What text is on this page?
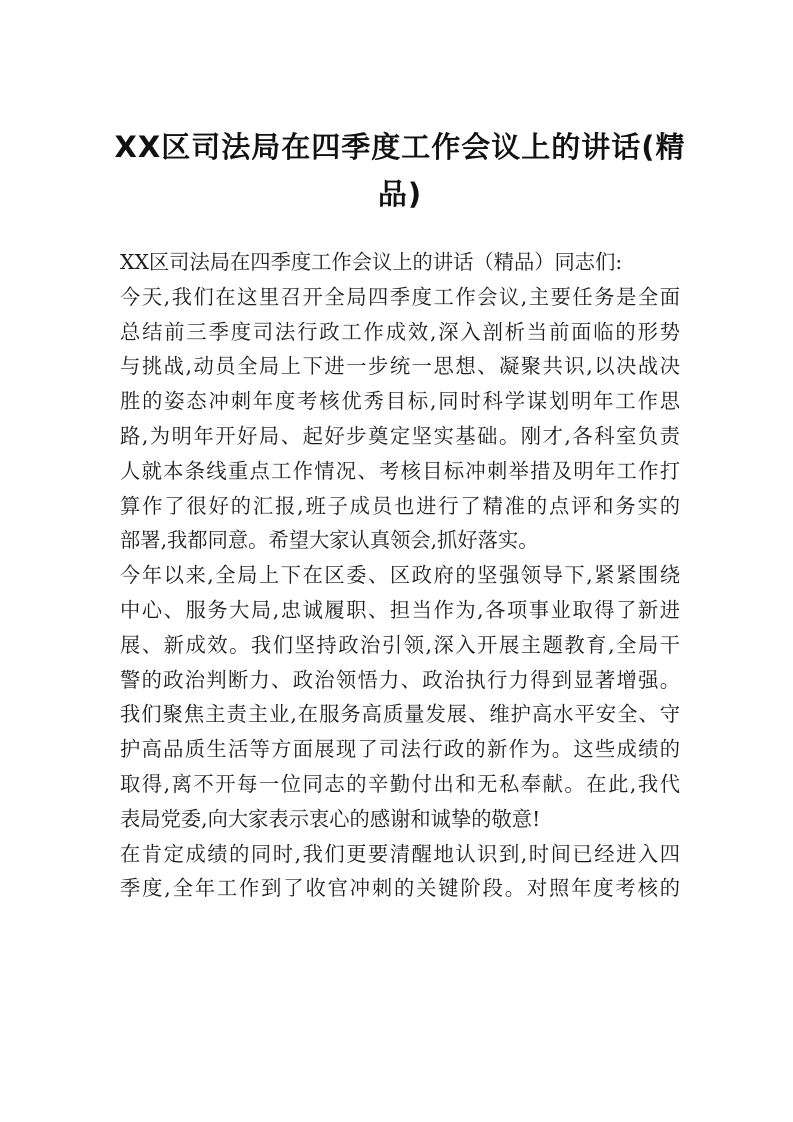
XX区司法局在四季度工作会议上的讲话(精
品)
XX区司法局在四季度工作会议上的讲话（精品）同志们:
今天,我们在这里召开全局四季度工作会议,主要任务是全面
总结前三季度司法行政工作成效,深入剖析当前面临的形势
与挑战,动员全局上下进一步统一思想、凝聚共识,以决战决
胜的姿态冲刺年度考核优秀目标,同时科学谋划明年工作思
路,为明年开好局、起好步奠定坚实基础。刚才,各科室负责
人就本条线重点工作情况、考核目标冲刺举措及明年工作打
算作了很好的汇报,班子成员也进行了精准的点评和务实的
部署,我都同意。希望大家认真领会,抓好落实。
今年以来,全局上下在区委、区政府的坚强领导下,紧紧围绕
中心、服务大局,忠诚履职、担当作为,各项事业取得了新进
展、新成效。我们坚持政治引领,深入开展主题教育,全局干
警的政治判断力、政治领悟力、政治执行力得到显著增强。
我们聚焦主责主业,在服务高质量发展、维护高水平安全、守
护高品质生活等方面展现了司法行政的新作为。这些成绩的
取得,离不开每一位同志的辛勤付出和无私奉献。在此,我代
表局党委,向大家表示衷心的感谢和诚挚的敬意!
在肯定成绩的同时,我们更要清醒地认识到,时间已经进入四
季度,全年工作到了收官冲刺的关键阶段。对照年度考核的
